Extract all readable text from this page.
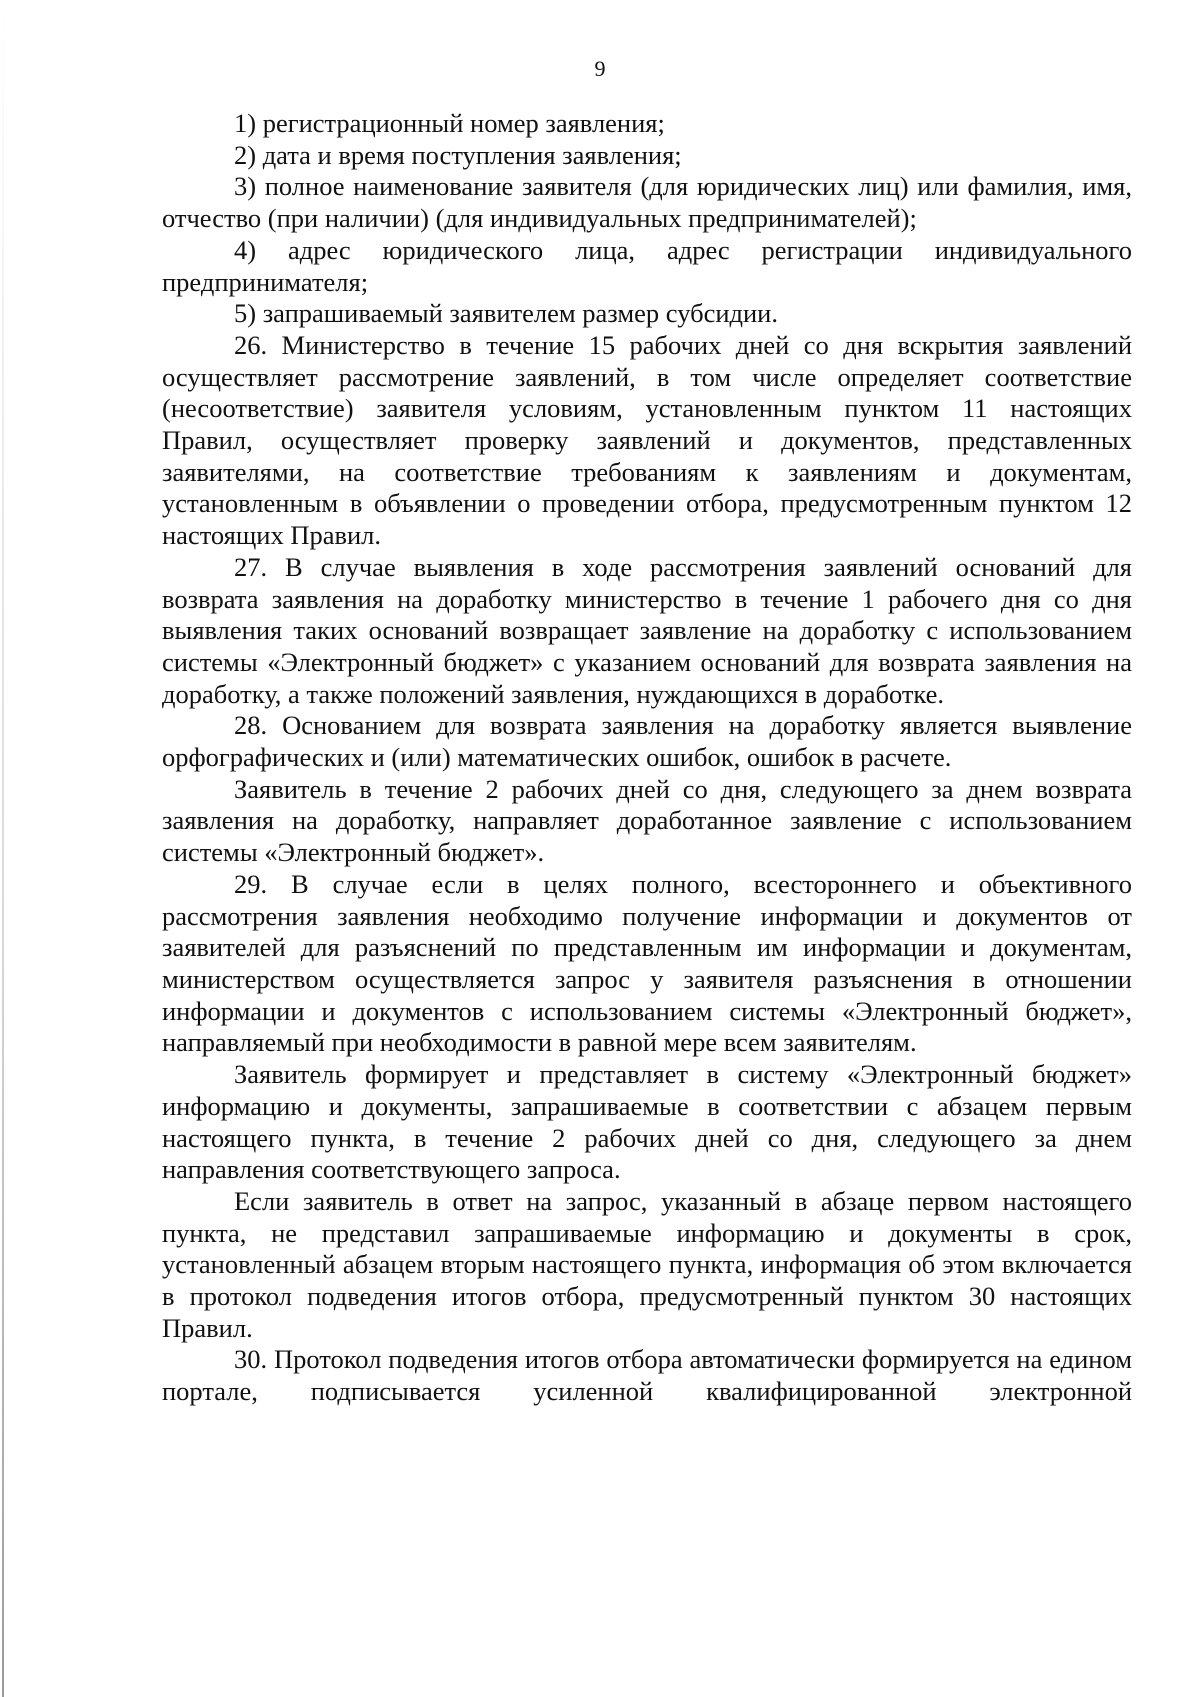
9

1) регистрационный номер заявления;

2) дата и время поступления заявления;

3) полное наименование заявителя (для юридических лиц) или фамилия, имя, отчество (при наличии) (для индивидуальных предпринимателей);

4) адрес юридического лица, адрес регистрации индивидуального предпринимателя;

5) запрашиваемый заявителем размер субсидии.

26. Министерство в течение 15 рабочих дней со дня вскрытия заявлений осуществляет рассмотрение заявлений, в том числе определяет соответствие (несоответствие) заявителя условиям, установленным пунктом 11 настоящих Правил, осуществляет проверку заявлений и документов, представленных заявителями, на соответствие требованиям к заявлениям и документам, установленным в объявлении о проведении отбора, предусмотренным пунктом 12 настоящих Правил.

27. В случае выявления в ходе рассмотрения заявлений оснований для возврата заявления на доработку министерство в течение 1 рабочего дня со дня выявления таких оснований возвращает заявление на доработку с использованием системы «Электронный бюджет» с указанием оснований для возврата заявления на доработку, а также положений заявления, нуждающихся в доработке.

28. Основанием для возврата заявления на доработку является выявление орфографических и (или) математических ошибок, ошибок в расчете.

Заявитель в течение 2 рабочих дней со дня, следующего за днем возврата заявления на доработку, направляет доработанное заявление с использованием системы «Электронный бюджет».

29. В случае если в целях полного, всестороннего и объективного рассмотрения заявления необходимо получение информации и документов от заявителей для разъяснений по представленным им информации и документам, министерством осуществляется запрос у заявителя разъяснения в отношении информации и документов с использованием системы «Электронный бюджет», направляемый при необходимости в равной мере всем заявителям.

Заявитель формирует и представляет в систему «Электронный бюджет» информацию и документы, запрашиваемые в соответствии с абзацем первым настоящего пункта, в течение 2 рабочих дней со дня, следующего за днем направления соответствующего запроса.

Если заявитель в ответ на запрос, указанный в абзаце первом настоящего пункта, не представил запрашиваемые информацию и документы в срок, установленный абзацем вторым настоящего пункта, информация об этом включается в протокол подведения итогов отбора, предусмотренный пунктом 30 настоящих Правил.

30. Протокол подведения итогов отбора автоматически формируется на едином портале, подписывается усиленной квалифицированной электронной
